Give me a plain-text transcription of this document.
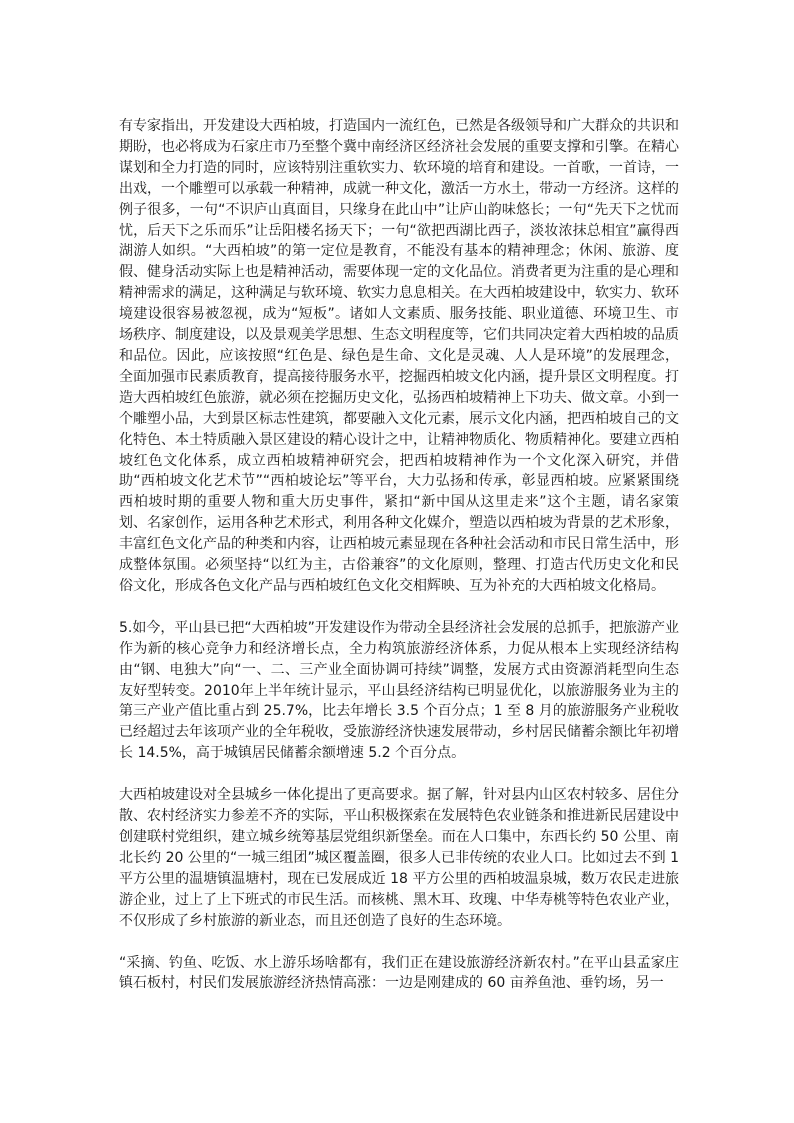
有专家指出，开发建设大西柏坡，打造国内一流红色，已然是各级领导和广大群众的共识和期盼，也必将成为石家庄市乃至整个冀中南经济区经济社会发展的重要支撑和引擎。在精心谋划和全力打造的同时，应该特别注重软实力、软环境的培育和建设。一首歌，一首诗，一出戏，一个雕塑可以承载一种精神，成就一种文化，激活一方水土，带动一方经济。这样的例子很多，一句“不识庐山真面目，只缘身在此山中”让庐山韵味悠长；一句“先天下之忧而忧，后天下之乐而乐”让岳阳楼名扬天下；一句“欲把西湖比西子，淡妆浓抹总相宜”赢得西湖游人如织。“大西柏坡”的第一定位是教育，不能没有基本的精神理念；休闲、旅游、度假、健身活动实际上也是精神活动，需要体现一定的文化品位。消费者更为注重的是心理和精神需求的满足，这种满足与软环境、软实力息息相关。在大西柏坡建设中，软实力、软环境建设很容易被忽视，成为“短板”。诸如人文素质、服务技能、职业道德、环境卫生、市场秩序、制度建设，以及景观美学思想、生态文明程度等，它们共同决定着大西柏坡的品质和品位。因此，应该按照“红色是、绿色是生命、文化是灵魂、人人是环境”的发展理念，全面加强市民素质教育，提高接待服务水平，挖掘西柏坡文化内涵，提升景区文明程度。打造大西柏坡红色旅游，就必须在挖掘历史文化，弘扬西柏坡精神上下功夫、做文章。小到一个雕塑小品，大到景区标志性建筑，都要融入文化元素，展示文化内涵，把西柏坡自己的文化特色、本土特质融入景区建设的精心设计之中，让精神物质化、物质精神化。要建立西柏坡红色文化体系，成立西柏坡精神研究会，把西柏坡精神作为一个文化深入研究，并借助“西柏坡文化艺术节”“西柏坡论坛”等平台，大力弘扬和传承，彰显西柏坡。应紧紧围绕西柏坡时期的重要人物和重大历史事件，紧扣“新中国从这里走来”这个主题，请名家策划、名家创作，运用各种艺术形式，利用各种文化媒介，塑造以西柏坡为背景的艺术形象，丰富红色文化产品的种类和内容，让西柏坡元素显现在各种社会活动和市民日常生活中，形成整体氛围。必须坚持“以红为主，古俗兼容”的文化原则，整理、打造古代历史文化和民俗文化，形成各色文化产品与西柏坡红色文化交相辉映、互为补充的大西柏坡文化格局。

5.如今，平山县已把“大西柏坡”开发建设作为带动全县经济社会发展的总抓手，把旅游产业作为新的核心竞争力和经济增长点，全力构筑旅游经济体系，力促从根本上实现经济结构由“钢、电独大”向“一、二、三产业全面协调可持续”调整，发展方式由资源消耗型向生态友好型转变。2010年上半年统计显示，平山县经济结构已明显优化，以旅游服务业为主的第三产业产值比重占到 25.7%，比去年增长 3.5 个百分点；1 至 8 月的旅游服务产业税收已经超过去年该项产业的全年税收，受旅游经济快速发展带动，乡村居民储蓄余额比年初增长 14.5%，高于城镇居民储蓄余额增速 5.2 个百分点。

大西柏坡建设对全县城乡一体化提出了更高要求。据了解，针对县内山区农村较多、居住分散、农村经济实力参差不齐的实际，平山积极探索在发展特色农业链条和推进新民居建设中创建联村党组织，建立城乡统筹基层党组织新堡垒。而在人口集中，东西长约 50 公里、南北长约 20 公里的“一城三组团”城区覆盖圈，很多人已非传统的农业人口。比如过去不到 1 平方公里的温塘镇温塘村，现在已发展成近 18 平方公里的西柏坡温泉城，数万农民走进旅游企业，过上了上下班式的市民生活。而核桃、黑木耳、玫瑰、中华寿桃等特色农业产业，不仅形成了乡村旅游的新业态，而且还创造了良好的生态环境。

“采摘、钓鱼、吃饭、水上游乐场啥都有，我们正在建设旅游经济新农村。”在平山县孟家庄镇石板村，村民们发展旅游经济热情高涨：一边是刚建成的 60 亩养鱼池、垂钓场，另一
